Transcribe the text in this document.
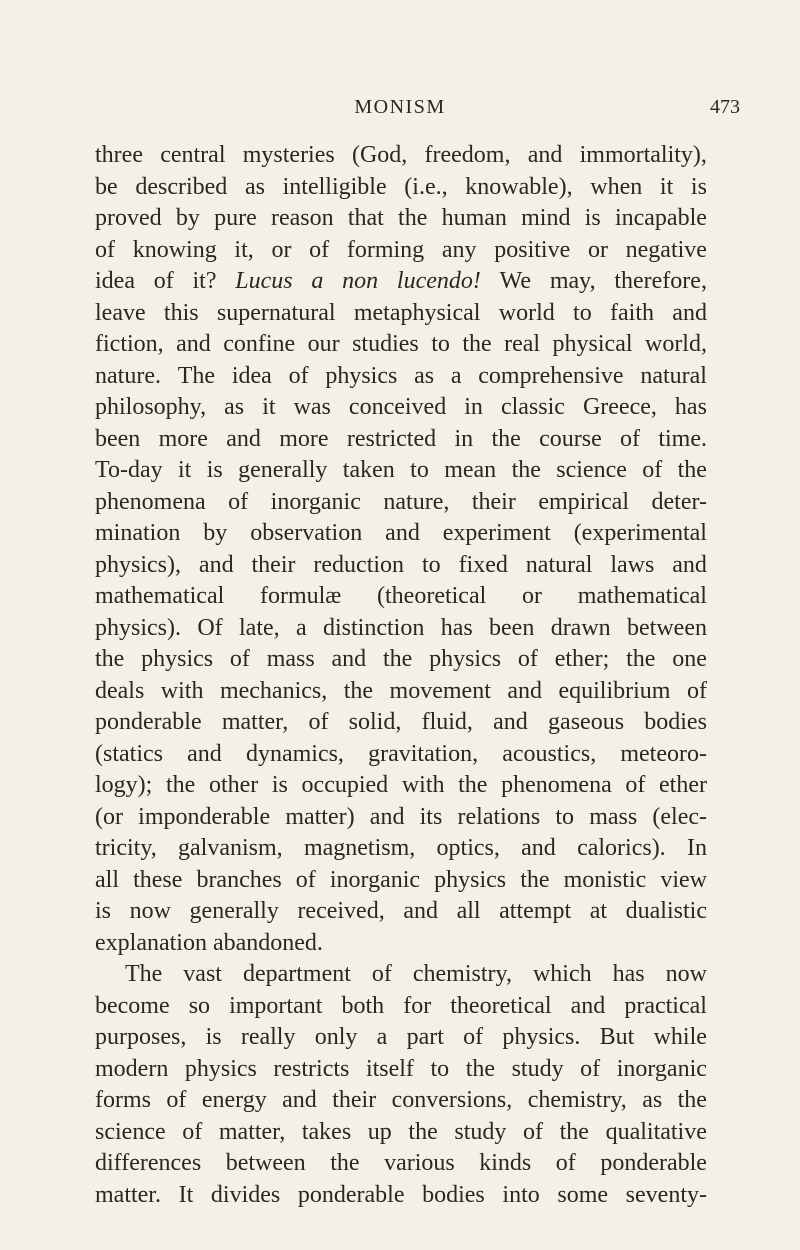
MONISM	473
three central mysteries (God, freedom, and immortality),
be described as intelligible (i.e., knowable), when it is
proved by pure reason that the human mind is incapable
of knowing it, or of forming any positive or negative
idea of it? Lucus a non lucendo! We may, therefore,
leave this supernatural metaphysical world to faith and
fiction, and confine our studies to the real physical world,
nature. The idea of physics as a comprehensive natural
philosophy, as it was conceived in classic Greece, has
been more and more restricted in the course of time.
To-day it is generally taken to mean the science of the
phenomena of inorganic nature, their empirical deter-
mination by observation and experiment (experimental
physics), and their reduction to fixed natural laws and
mathematical formulæ (theoretical or mathematical
physics). Of late, a distinction has been drawn between
the physics of mass and the physics of ether; the one
deals with mechanics, the movement and equilibrium of
ponderable matter, of solid, fluid, and gaseous bodies
(statics and dynamics, gravitation, acoustics, meteoro-
logy); the other is occupied with the phenomena of ether
(or imponderable matter) and its relations to mass (elec-
tricity, galvanism, magnetism, optics, and calorics). In
all these branches of inorganic physics the monistic view
is now generally received, and all attempt at dualistic
explanation abandoned.
The vast department of chemistry, which has now
become so important both for theoretical and practical
purposes, is really only a part of physics. But while
modern physics restricts itself to the study of inorganic
forms of energy and their conversions, chemistry, as the
science of matter, takes up the study of the qualitative
differences between the various kinds of ponderable
matter. It divides ponderable bodies into some seventy-
